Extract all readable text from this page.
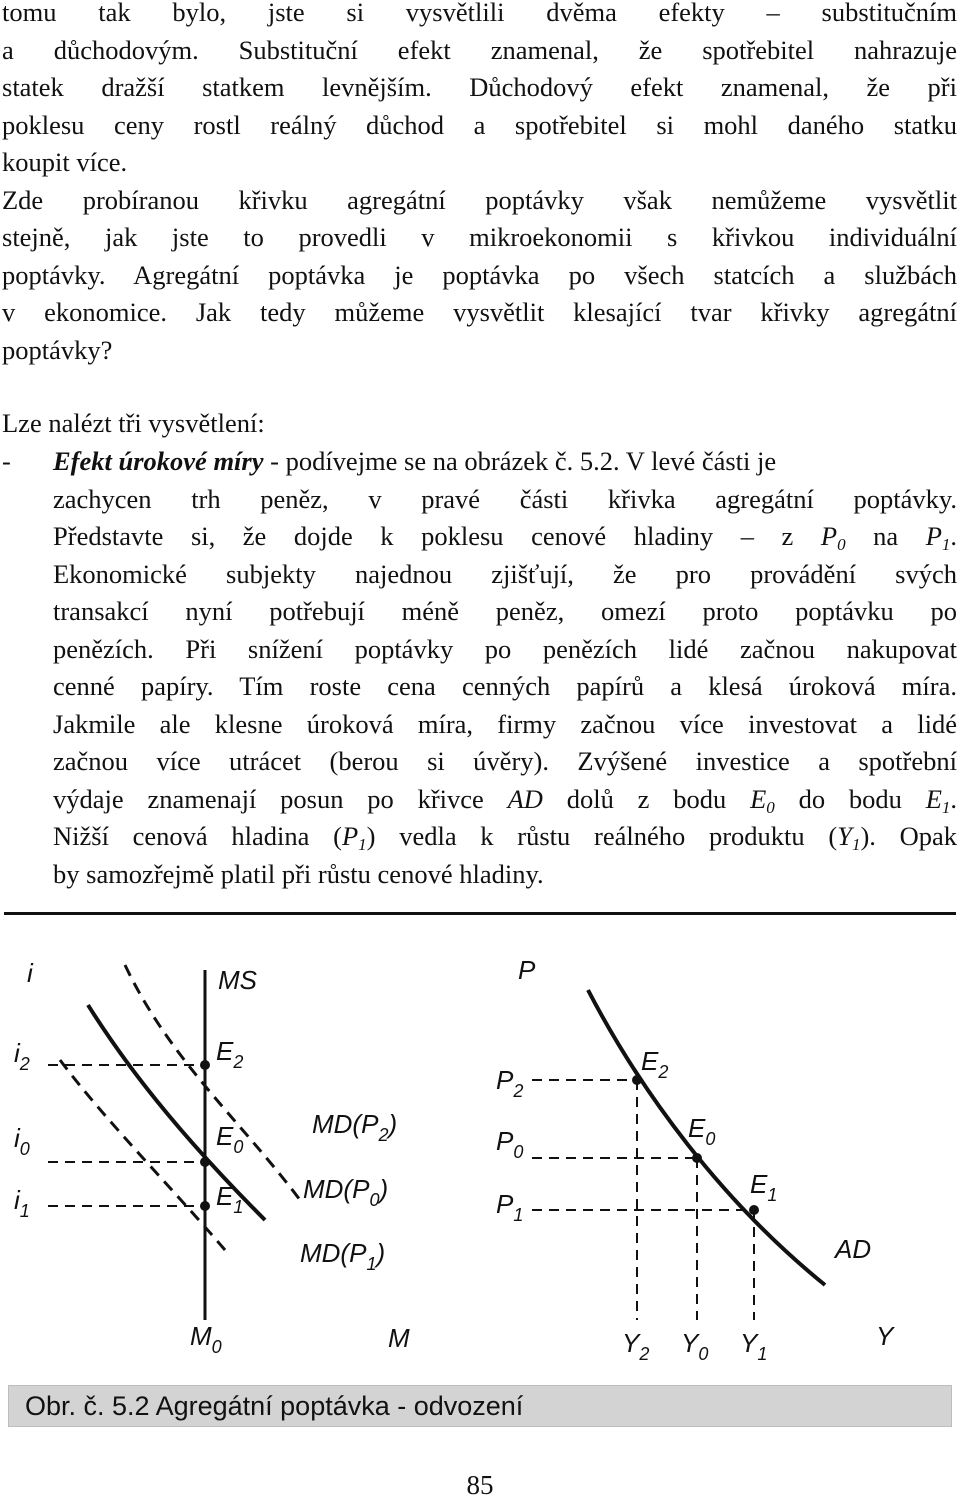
tomu tak bylo, jste si vysvětlili dvěma efekty – substitučním
a důchodovým. Substituční efekt znamenal, že spotřebitel nahrazuje
statek dražší statkem levnějším. Důchodový efekt znamenal, že při
poklesu ceny rostl reálný důchod a spotřebitel si mohl daného statku
koupit více.
Zde probíranou křivku agregátní poptávky však nemůžeme vysvětlit
stejně, jak jste to provedli v mikroekonomii s křivkou individuální
poptávky. Agregátní poptávka je poptávka po všech statcích a službách
v ekonomice. Jak tedy můžeme vysvětlit klesající tvar křivky agregátní
poptávky?
Lze nalézt tři vysvětlení:
- Efekt úrokové míry - podívejme se na obrázek č. 5.2. V levé části je
zachycen trh peněz, v pravé části křivka agregátní poptávky.
Představte si, že dojde k poklesu cenové hladiny – z $P_0$ na $P_1$.
Ekonomické subjekty najednou zjišťují, že pro provádění svých
transakcí nyní potřebují méně peněz, omezí proto poptávku po
penězích. Při snížení poptávky po penězích lidé začnou nakupovat
cenné papíry. Tím roste cena cenných papírů a klesá úroková míra.
Jakmile ale klesne úroková míra, firmy začnou více investovat a lidé
začnou více utrácet (berou si úvěry). Zvýšené investice a spotřební
výdaje znamenají posun po křivce AD dolů z bodu $E_0$ do bodu $E_1$.
Nižší cenová hladina $(P_1)$ vedla k růstu reálného produktu $(Y_1)$. Opak
by samozřejmě platil při růstu cenové hladiny.
i
M
MS
$i_2$
$i_0$
$i_1$
$M_0$
$E_2$
$E_0$
$E_1$
$MD(P_2)$
$MD(P_0)$
$MD(P_1)$
P
Y
AD
$P_2$
$P_0$
$P_1$
$Y_2$ $Y_0$ $Y_1$
$E_2$
$E_0$
$E_1$
Obr. č. 5.2 Agregátní poptávka - odvození
85
